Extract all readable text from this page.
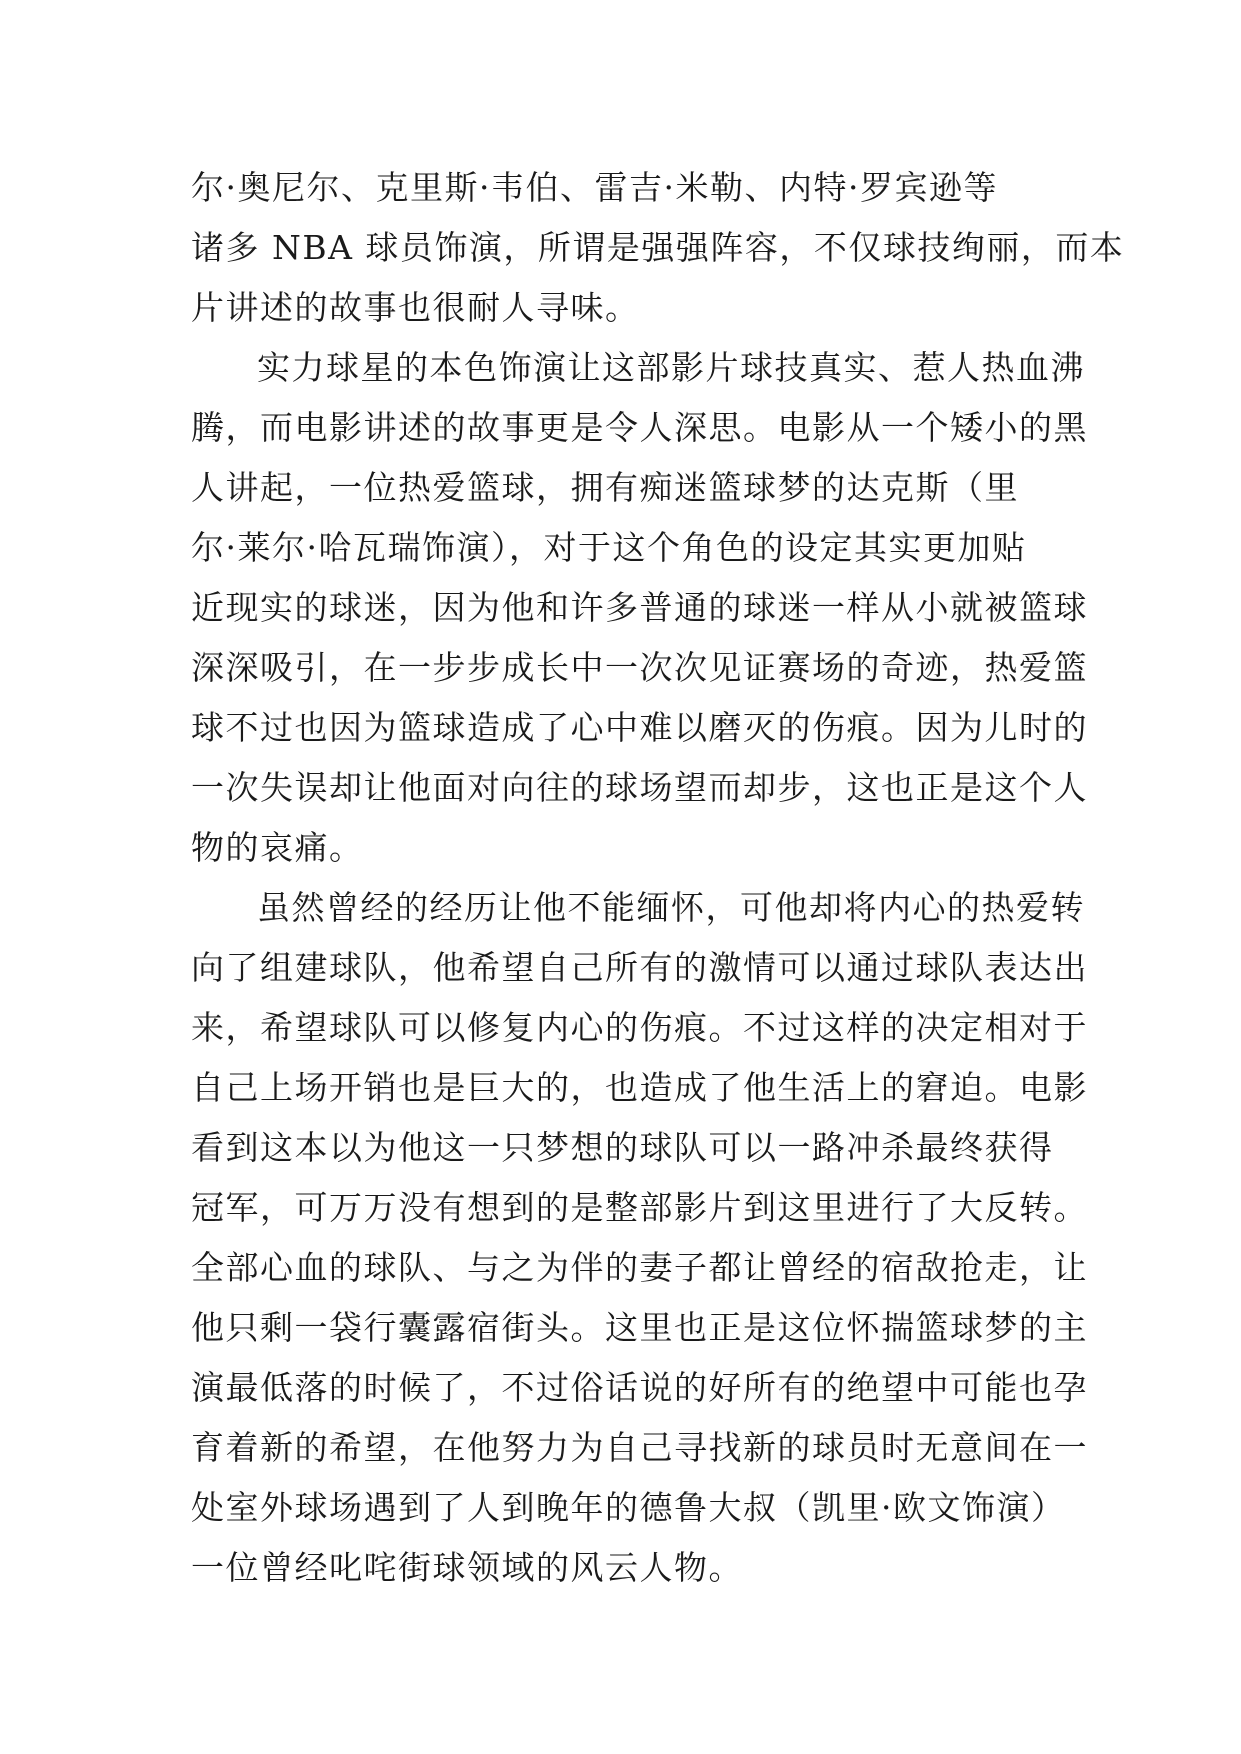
尔·奥尼尔、克里斯·韦伯、雷吉·米勒、内特·罗宾逊等
诸多 NBA 球员饰演，所谓是强强阵容，不仅球技绚丽，而本
片讲述的故事也很耐人寻味。
实力球星的本色饰演让这部影片球技真实、惹人热血沸
腾，而电影讲述的故事更是令人深思。电影从一个矮小的黑
人讲起，一位热爱篮球，拥有痴迷篮球梦的达克斯（里
尔·莱尔·哈瓦瑞饰演），对于这个角色的设定其实更加贴
近现实的球迷，因为他和许多普通的球迷一样从小就被篮球
深深吸引，在一步步成长中一次次见证赛场的奇迹，热爱篮
球不过也因为篮球造成了心中难以磨灭的伤痕。因为儿时的
一次失误却让他面对向往的球场望而却步，这也正是这个人
物的哀痛。
虽然曾经的经历让他不能缅怀，可他却将内心的热爱转
向了组建球队，他希望自己所有的激情可以通过球队表达出
来，希望球队可以修复内心的伤痕。不过这样的决定相对于
自己上场开销也是巨大的，也造成了他生活上的窘迫。电影
看到这本以为他这一只梦想的球队可以一路冲杀最终获得
冠军，可万万没有想到的是整部影片到这里进行了大反转。
全部心血的球队、与之为伴的妻子都让曾经的宿敌抢走，让
他只剩一袋行囊露宿街头。这里也正是这位怀揣篮球梦的主
演最低落的时候了，不过俗话说的好所有的绝望中可能也孕
育着新的希望，在他努力为自己寻找新的球员时无意间在一
处室外球场遇到了人到晚年的德鲁大叔（凯里·欧文饰演）
一位曾经叱咤街球领域的风云人物。
